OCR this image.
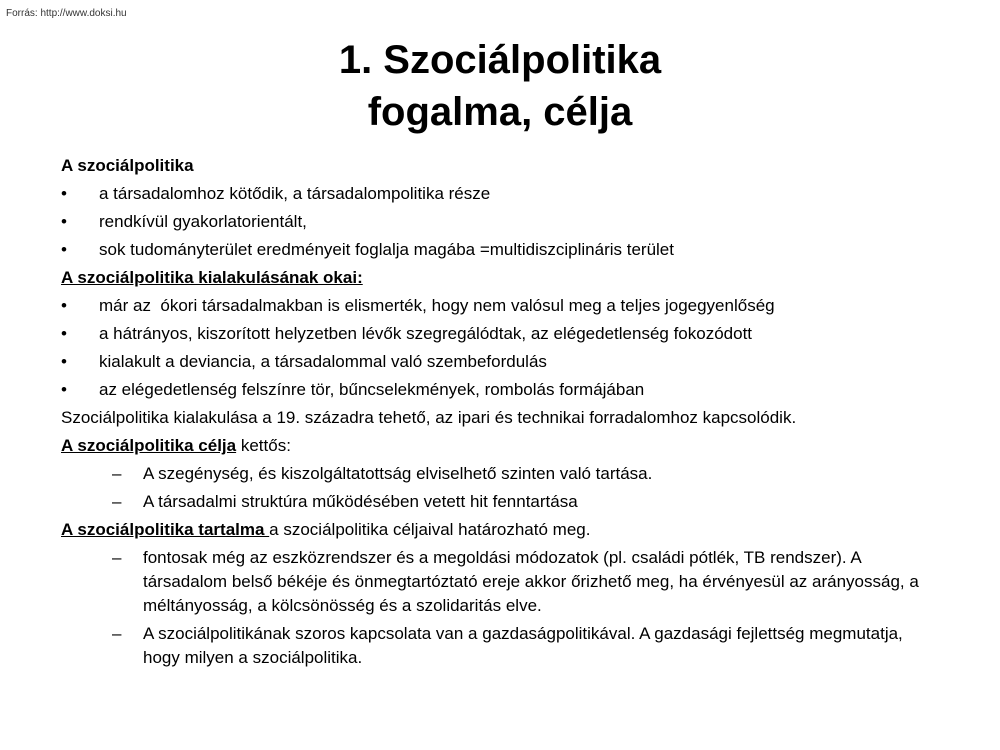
Forrás: http://www.doksi.hu
1. Szociálpolitika
fogalma, célja
A szociálpolitika
• a társadalomhoz kötődik, a társadalompolitika része
• rendkívül gyakorlatorientált,
• sok tudományterület eredményeit foglalja magába =multidiszciplináris terület
A szociálpolitika kialakulásának okai:
• már az  ókori társadalmakban is elismerték, hogy nem valósul meg a teljes jogegyenlőség
• a hátrányos, kiszorított helyzetben lévők szegregálódtak, az elégedetlenség fokozódott
• kialakult a deviancia, a társadalommal való szembefordulás
• az elégedetlenség felszínre tör, bűncselekmények, rombolás formájában
Szociálpolitika kialakulása a 19. századra tehető, az ipari és technikai forradalomhoz kapcsolódik.
A szociálpolitika célja kettős:
– A szegénység, és kiszolgáltatottság elviselhető szinten való tartása.
– A társadalmi struktúra működésében vetett hit fenntartása
A szociálpolitika tartalma a szociálpolitika céljaival határozható meg.
– fontosak még az eszközrendszer és a megoldási módozatok (pl. családi pótlék, TB rendszer). A társadalom belső békéje és önmegtartóztató ereje akkor őrizhető meg, ha érvényesül az arányosság, a méltányosság, a kölcsönösség és a szolidaritás elve.
– A szociálpolitikának szoros kapcsolata van a gazdaságpolitikával. A gazdasági fejlettség megmutatja, hogy milyen a szociálpolitika.
